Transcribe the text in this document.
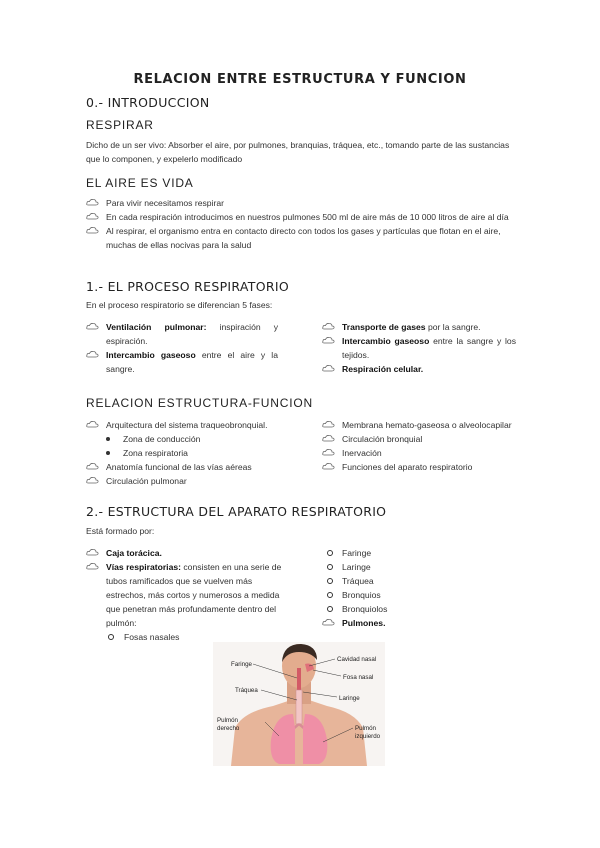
RELACION ENTRE ESTRUCTURA Y FUNCION
0.- INTRODUCCION
RESPIRAR
Dicho de un ser vivo: Absorber el aire, por pulmones, branquias, tráquea, etc., tomando parte de las sustancias que lo componen, y expelerlo modificado
EL AIRE ES VIDA
Para vivir necesitamos respirar
En cada respiración introducimos en nuestros pulmones 500 ml de aire más de 10 000 litros de aire al día
Al respirar, el organismo entra en contacto directo con todos los gases y partículas que flotan en el aire, muchas de ellas nocivas para la salud
1.- EL PROCESO RESPIRATORIO
En el proceso respiratorio se diferencian 5 fases:
Ventilación pulmonar: inspiración y espiración.
Intercambio gaseoso entre el aire y la sangre.
Transporte de gases por la sangre.
Intercambio gaseoso entre la sangre y los tejidos.
Respiración celular.
RELACION ESTRUCTURA-FUNCION
Arquitectura del sistema traqueobronquial.
Zona de conducción
Zona respiratoria
Anatomía funcional de las vías aéreas
Circulación pulmonar
Membrana hemato-gaseosa o alveolocapilar
Circulación bronquial
Inervación
Funciones del aparato respiratorio
2.- ESTRUCTURA DEL APARATO RESPIRATORIO
Está formado por:
Caja torácica.
Vías respiratorias: consisten en una serie de tubos ramificados que se vuelven más estrechos, más cortos y numerosos a medida que penetran más profundamente dentro del pulmón:
Fosas nasales
Faringe
Laringe
Tráquea
Bronquios
Bronquiolos
Pulmones.
Faringe
Cavidad nasal
Fosa nasal
Tráquea
Laringe
Pulmón
derecho	Pulmón
izquierdo
